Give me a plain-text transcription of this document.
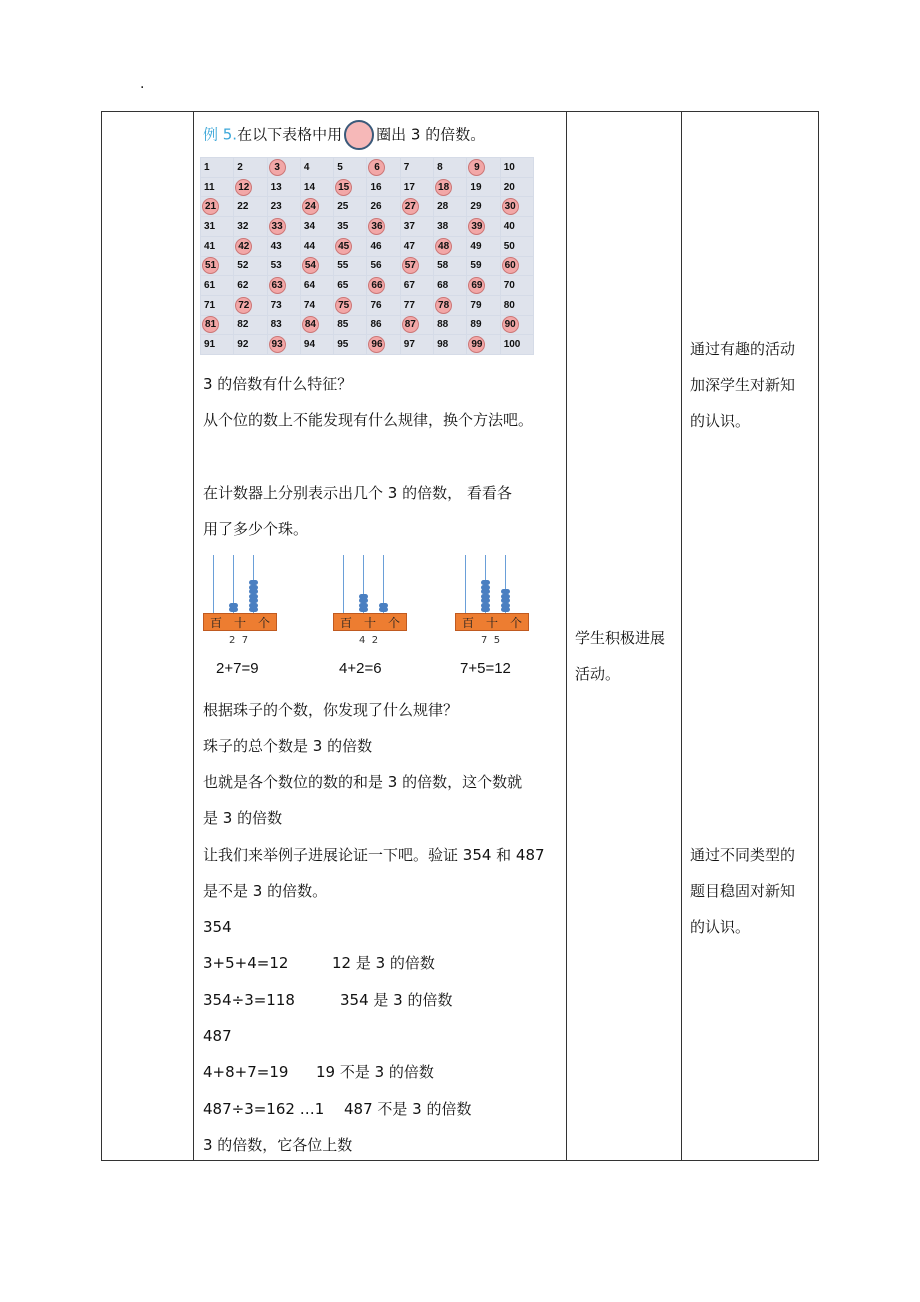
.
例 5.在以下表格中用 圈出 3 的倍数。
1	2	3	4	5	6	7	8	9	10
11 12 13 14 15 16 17 18 19 20
21 22 23 24 25 26 27 28 29 30
31 32 33 34 35 36 37 38 39 40
41 42 43 44 45 46 47 48 49 50
51 52 53 54 55 56 57 58 59 60
61 62 63 64 65 66 67 68 69 70
71 72 73 74 75 76 77 78 79 80
81 82 83 84 85 86 87 88 89 90
91 92 93 94 95 96 97 98 99 100
3 的倍数有什么特征？
从个位的数上不能发现有什么规律，换个方法吧。
在计数器上分别表示出几个 3 的倍数， 看看各
用了多少个珠。
百 十 个
2  7
2+7=9
百 十 个
4  2
4+2=6
百 十 个
7  5
7+5=12
根据珠子的个数，你发现了什么规律？
珠子的总个数是 3 的倍数
也就是各个数位的数的和是 3 的倍数，这个数就
是 3 的倍数
让我们来举例子进展论证一下吧。验证 354 和 487
是不是 3 的倍数。
354
3+5+4=12	12 是 3 的倍数
354÷3=118	354 是 3 的倍数
487
4+8+7=19 19 不是 3 的倍数
487÷3=162 …1 487 不是 3 的倍数
3 的倍数，它各位上数
学生积极进展
活动。
通过有趣的活动
加深学生对新知
的认识。
通过不同类型的
题目稳固对新知
的认识。
